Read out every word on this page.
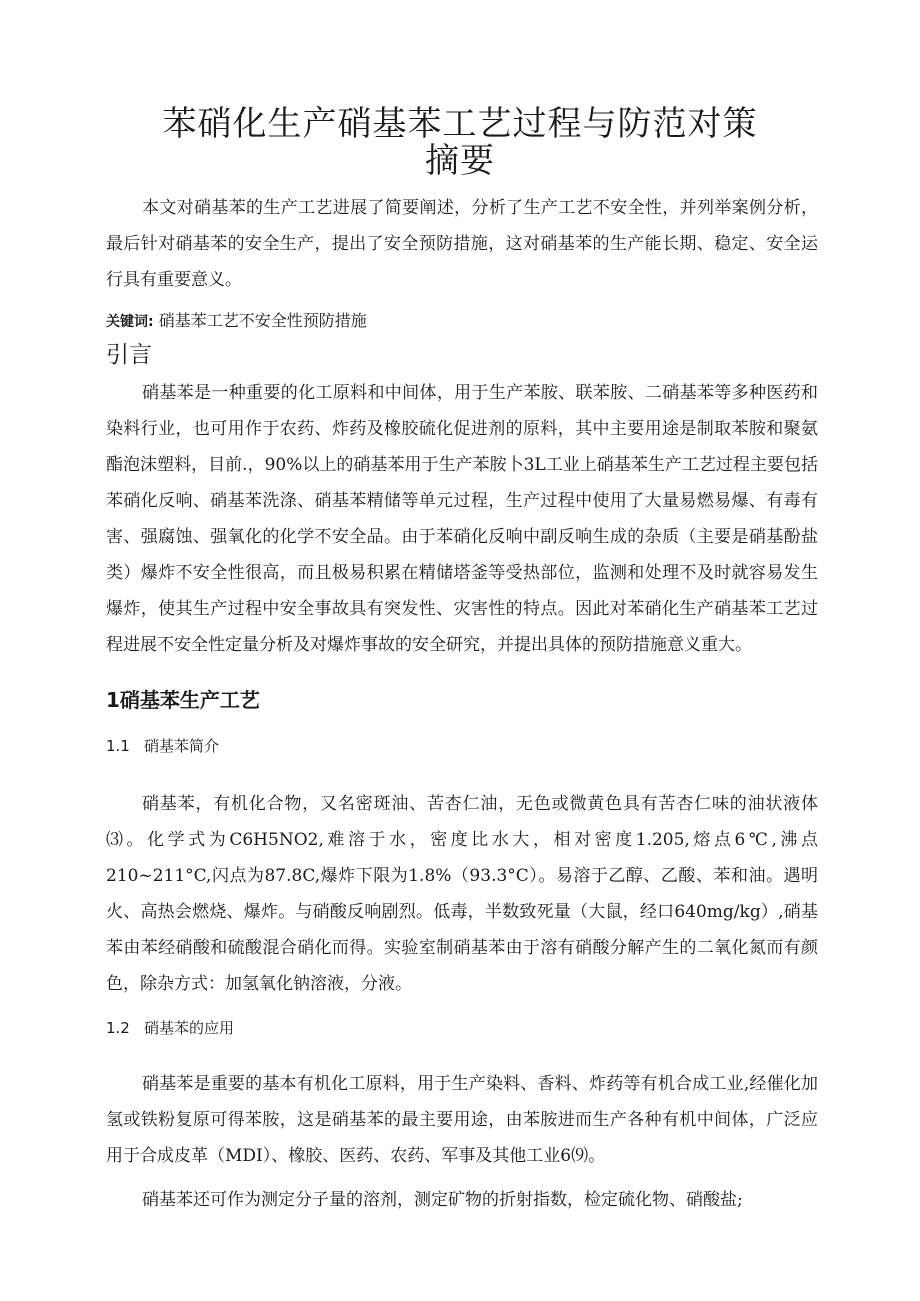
苯硝化生产硝基苯工艺过程与防范对策
摘要

本文对硝基苯的生产工艺进展了简要阐述，分析了生产工艺不安全性，并列举案例分析，最后针对硝基苯的安全生产，提出了安全预防措施，这对硝基苯的生产能长期、稳定、安全运行具有重要意义。

关键词: 硝基苯工艺不安全性预防措施
引言

硝基苯是一种重要的化工原料和中间体，用于生产苯胺、联苯胺、二硝基苯等多种医药和染料行业，也可用作于农药、炸药及橡胶硫化促进剂的原料，其中主要用途是制取苯胺和聚氨酯泡沫塑料，目前.，90%以上的硝基苯用于生产苯胺卜3L工业上硝基苯生产工艺过程主要包括苯硝化反响、硝基苯洗涤、硝基苯精储等单元过程，生产过程中使用了大量易燃易爆、有毒有害、强腐蚀、强氧化的化学不安全品。由于苯硝化反响中副反响生成的杂质（主要是硝基酚盐类）爆炸不安全性很高，而且极易积累在精储塔釜等受热部位，监测和处理不及时就容易发生爆炸，使其生产过程中安全事故具有突发性、灾害性的特点。因此对苯硝化生产硝基苯工艺过程进展不安全性定量分析及对爆炸事故的安全研究，并提出具体的预防措施意义重大。

1硝基苯生产工艺
1.1 硝基苯简介

硝基苯，有机化合物，又名密斑油、苦杏仁油，无色或微黄色具有苦杏仁味的油状液体⑶。化学式为C6H5NO2,难溶于水，密度比水大，相对密度1.205,熔点6℃,沸点210~211°C,闪点为87.8C,爆炸下限为1.8%（93.3°C）。易溶于乙醇、乙酸、苯和油。遇明火、高热会燃烧、爆炸。与硝酸反响剧烈。低毒，半数致死量（大鼠，经口640mg∕kg）,硝基苯由苯经硝酸和硫酸混合硝化而得。实验室制硝基苯由于溶有硝酸分解产生的二氧化氮而有颜色，除杂方式：加氢氧化钠溶液，分液。

1.2 硝基苯的应用

硝基苯是重要的基本有机化工原料，用于生产染料、香料、炸药等有机合成工业,经催化加氢或铁粉复原可得苯胺，这是硝基苯的最主要用途，由苯胺进而生产各种有机中间体，广泛应用于合成皮革（MDI）、橡胶、医药、农药、军事及其他工业6⑼。

硝基苯还可作为测定分子量的溶剂，测定矿物的折射指数，检定硫化物、硝酸盐;
